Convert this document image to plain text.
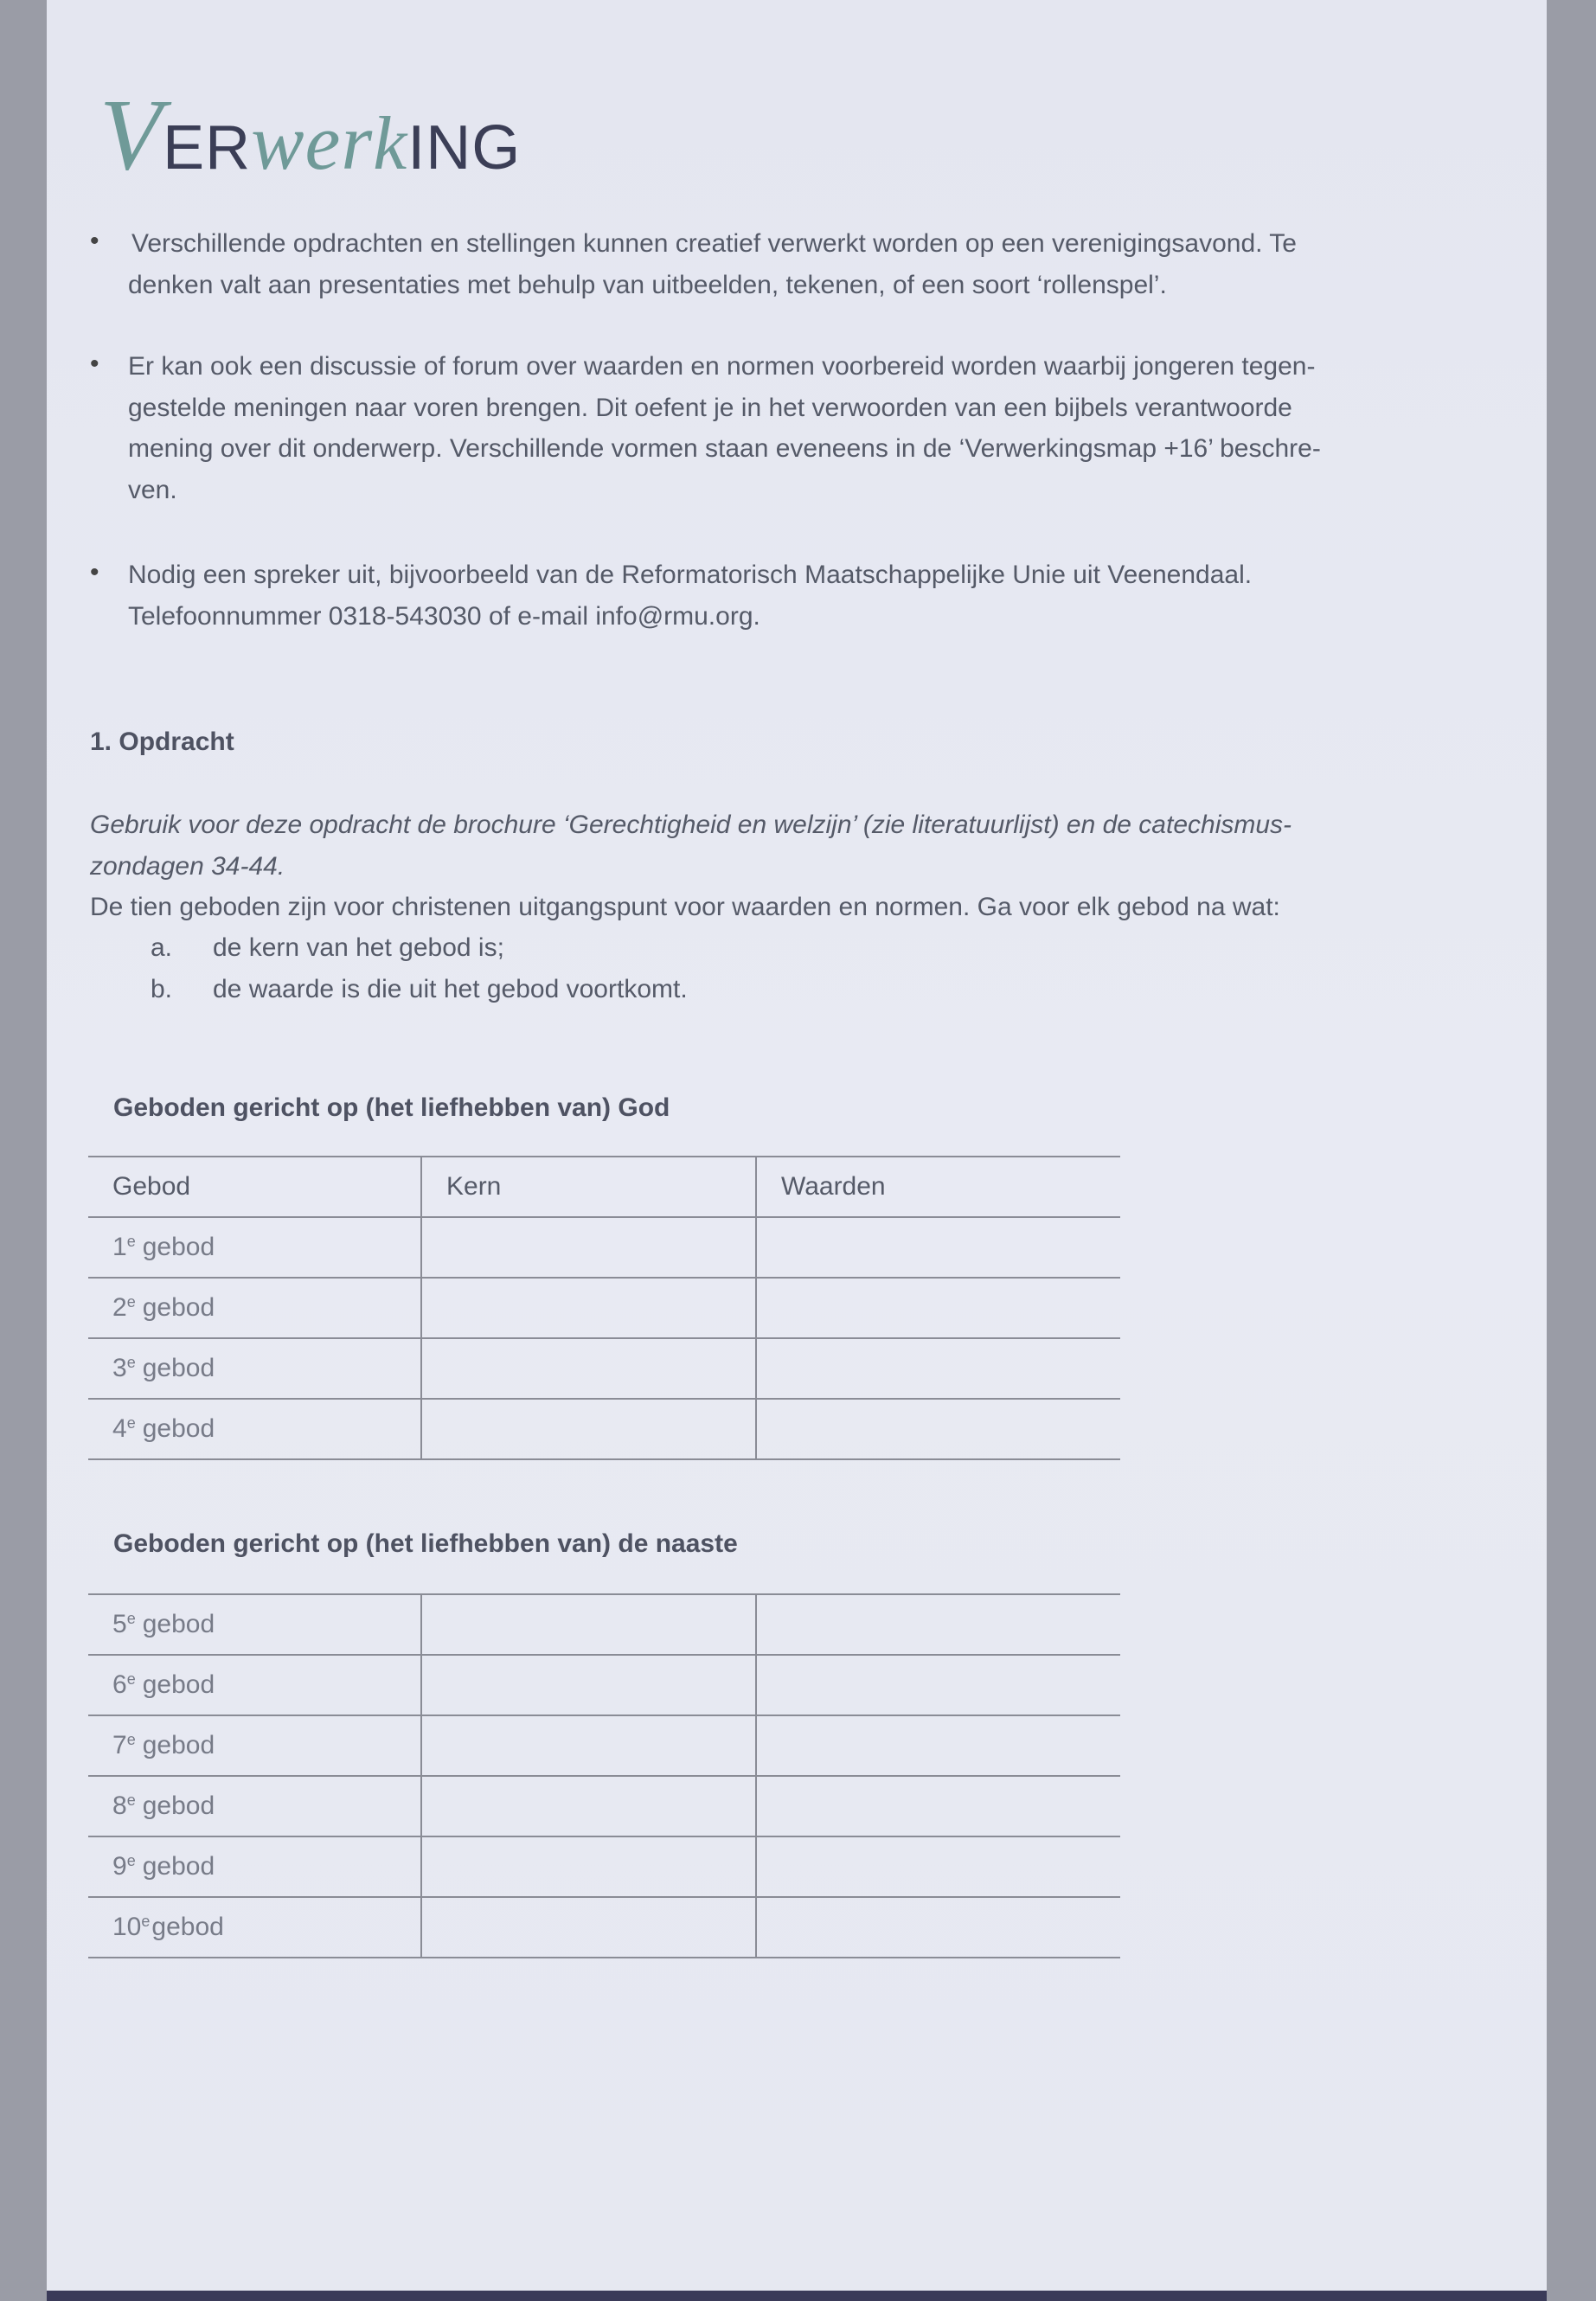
VERwerkING
• Verschillende opdrachten en stellingen kunnen creatief verwerkt worden op een verenigingsavond. Te
denken valt aan presentaties met behulp van uitbeelden, tekenen, of een soort ‘rollenspel’.
• Er kan ook een discussie of forum over waarden en normen voorbereid worden waarbij jongeren tegen-
gestelde meningen naar voren brengen. Dit oefent je in het verwoorden van een bijbels verantwoorde
mening over dit onderwerp. Verschillende vormen staan eveneens in de ‘Verwerkingsmap +16’ beschre-
ven.
• Nodig een spreker uit, bijvoorbeeld van de Reformatorisch Maatschappelijke Unie uit Veenendaal.
Telefoonnummer 0318-543030 of e-mail info@rmu.org.
1. Opdracht
Gebruik voor deze opdracht de brochure ‘Gerechtigheid en welzijn’ (zie literatuurlijst) en de catechismus-
zondagen 34-44.
De tien geboden zijn voor christenen uitgangspunt voor waarden en normen. Ga voor elk gebod na wat:
a. de kern van het gebod is;
b. de waarde is die uit het gebod voortkomt.
Geboden gericht op (het liefhebben van) God
Gebod	Kern	Waarden
1e gebod		
2e gebod		
3e gebod		
4e gebod		
Geboden gericht op (het liefhebben van) de naaste
5e gebod		
6e gebod		
7e gebod		
8e gebod		
9e gebod		
10egebod		
